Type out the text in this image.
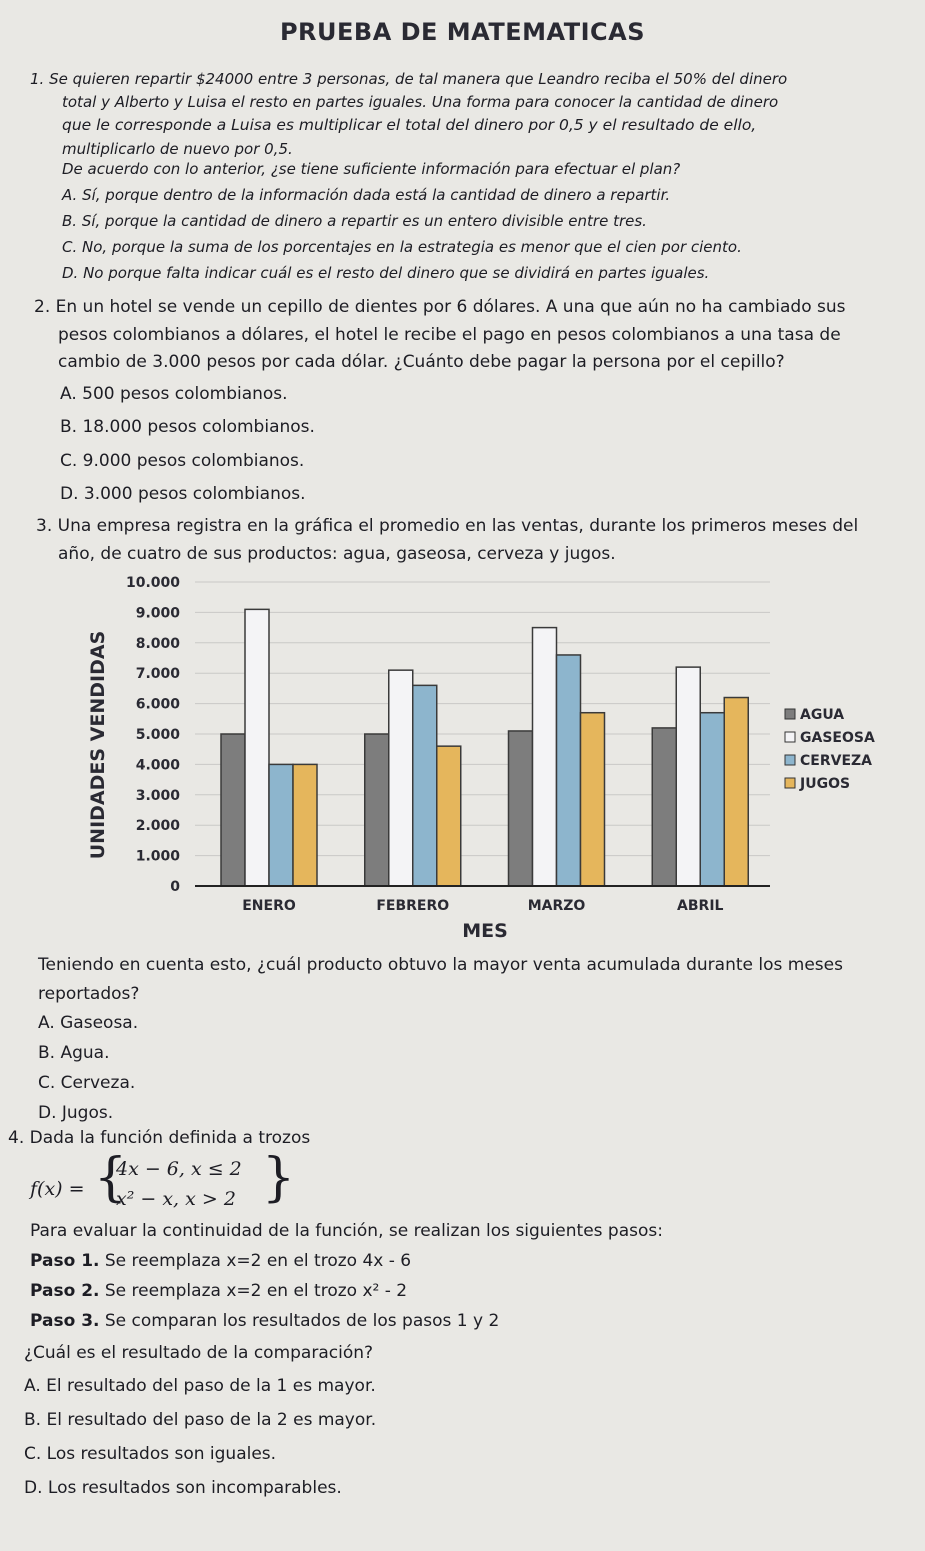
PRUEBA DE MATEMATICAS
1. Se quieren repartir $24000 entre 3 personas, de tal manera que Leandro reciba el 50% del dinero
total y Alberto y Luisa el resto en partes iguales. Una forma para conocer la cantidad de dinero
que le corresponde a Luisa es multiplicar el total del dinero por 0,5 y el resultado de ello,
multiplicarlo de nuevo por 0,5.
De acuerdo con lo anterior, ¿se tiene suficiente información para efectuar el plan?
A. Sí, porque dentro de la información dada está la cantidad de dinero a repartir.
B. Sí, porque la cantidad de dinero a repartir es un entero divisible entre tres.
C. No, porque la suma de los porcentajes en la estrategia es menor que el cien por ciento.
D. No porque falta indicar cuál es el resto del dinero que se dividirá en partes iguales.
2. En un hotel se vende un cepillo de dientes por 6 dólares. A una que aún no ha cambiado sus
pesos colombianos a dólares, el hotel le recibe el pago en pesos colombianos a una tasa de
cambio de 3.000 pesos por cada dólar. ¿Cuánto debe pagar la persona por el cepillo?
A. 500 pesos colombianos.
B. 18.000 pesos colombianos.
C. 9.000 pesos colombianos.
D. 3.000 pesos colombianos.
3. Una empresa registra en la gráfica el promedio en las ventas, durante los primeros meses del
año, de cuatro de sus productos: agua, gaseosa, cerveza y jugos.
0
1.000
2.000
3.000
4.000
5.000
6.000
7.000
8.000
9.000
10.000
ENERO	FEBRERO	MARZO	ABRIL
UNIDADES VENDIDAS
MES
AGUA
GASEOSA
CERVEZA
JUGOS
Teniendo en cuenta esto, ¿cuál producto obtuvo la mayor venta acumulada durante los meses
reportados?
A. Gaseosa.
B. Agua.
C. Cerveza.
D. Jugos.
4. Dada la función definida a trozos
f(x) = {
4x − 6, x ≤ 2
x² − x, x > 2 }
Para evaluar la continuidad de la función, se realizan los siguientes pasos:
Paso 1. Se reemplaza x=2 en el trozo 4x - 6
Paso 2. Se reemplaza x=2 en el trozo x² - 2
Paso 3. Se comparan los resultados de los pasos 1 y 2
¿Cuál es el resultado de la comparación?
A. El resultado del paso de la 1 es mayor.
B. El resultado del paso de la 2 es mayor.
C. Los resultados son iguales.
D. Los resultados son incomparables.
